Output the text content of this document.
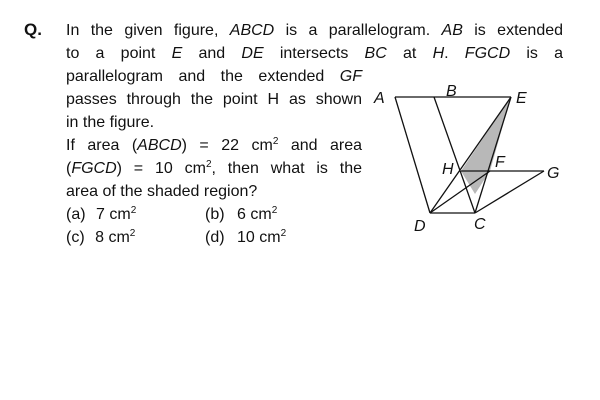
Q. In the given figure, ABCD is a parallelogram. AB is extended
to a point E and DE intersects BC at H. FGCD is a
parallelogram and the extended GF
passes through the point H as shown
in the figure.
If area (ABCD) = 22 $cm^2$ and area
(FGCD) = 10 $cm^2$, then what is the
area of the shaded region?
(a) 7 $cm^2$	(b) 6 $cm^2$
(c) 8 $cm^2$	(d) 10 $cm^2$
A	B	E
H	F
G
D	C
